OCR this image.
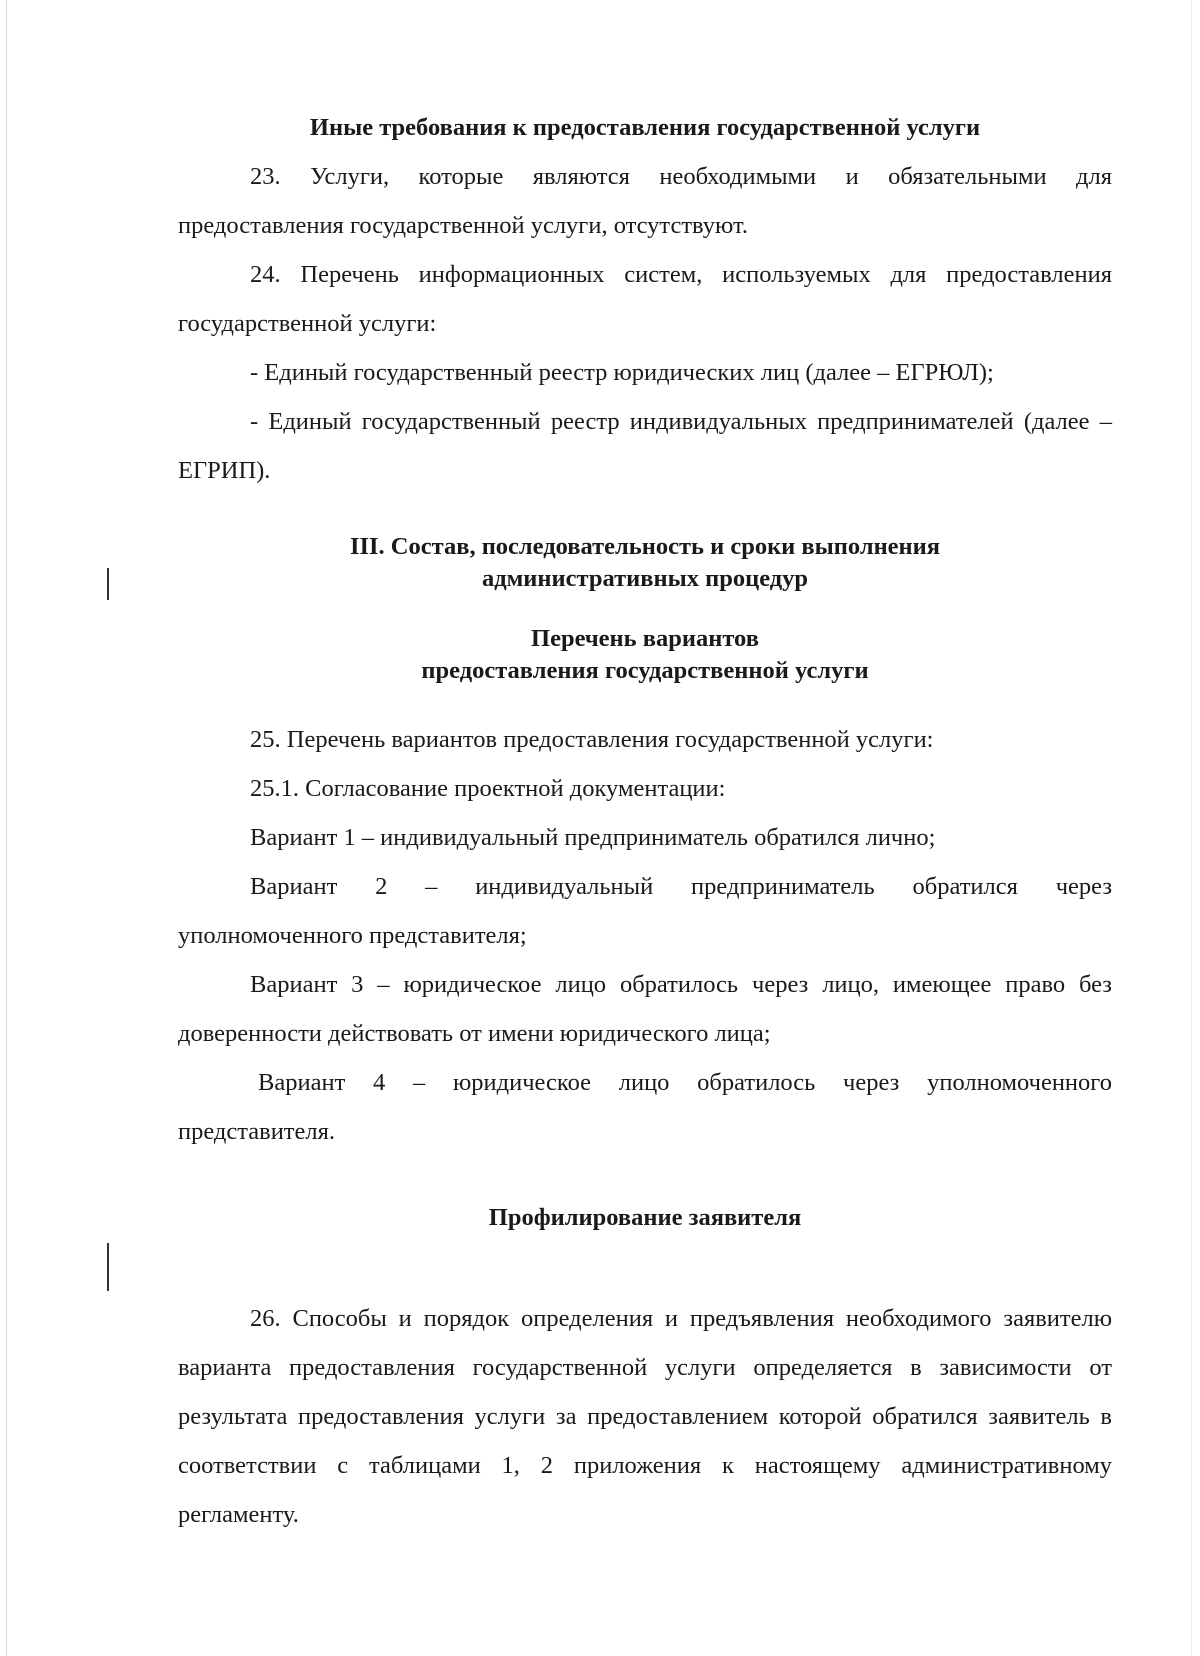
Иные требования к предоставления государственной услуги

23. Услуги, которые являются необходимыми и обязательными для предоставления государственной услуги, отсутствуют.

24. Перечень информационных систем, используемых для предоставления государственной услуги:

- Единый государственный реестр юридических лиц (далее – ЕГРЮЛ);

- Единый государственный реестр индивидуальных предпринимателей (далее – ЕГРИП).

III. Состав, последовательность и сроки выполнения
административных процедур
Перечень вариантов
предоставления государственной услуги

25. Перечень вариантов предоставления государственной услуги:

25.1. Согласование проектной документации:

Вариант 1 – индивидуальный предприниматель обратился лично;

Вариант 2 – индивидуальный предприниматель обратился через уполномоченного представителя;

Вариант 3 – юридическое лицо обратилось через лицо, имеющее право без доверенности действовать от имени юридического лица;

Вариант 4 – юридическое лицо обратилось через уполномоченного представителя.

Профилирование заявителя

26. Способы и порядок определения и предъявления необходимого заявителю варианта предоставления государственной услуги определяется в зависимости от результата предоставления услуги за предоставлением которой обратился заявитель в соответствии с таблицами 1, 2 приложения к настоящему административному регламенту.
